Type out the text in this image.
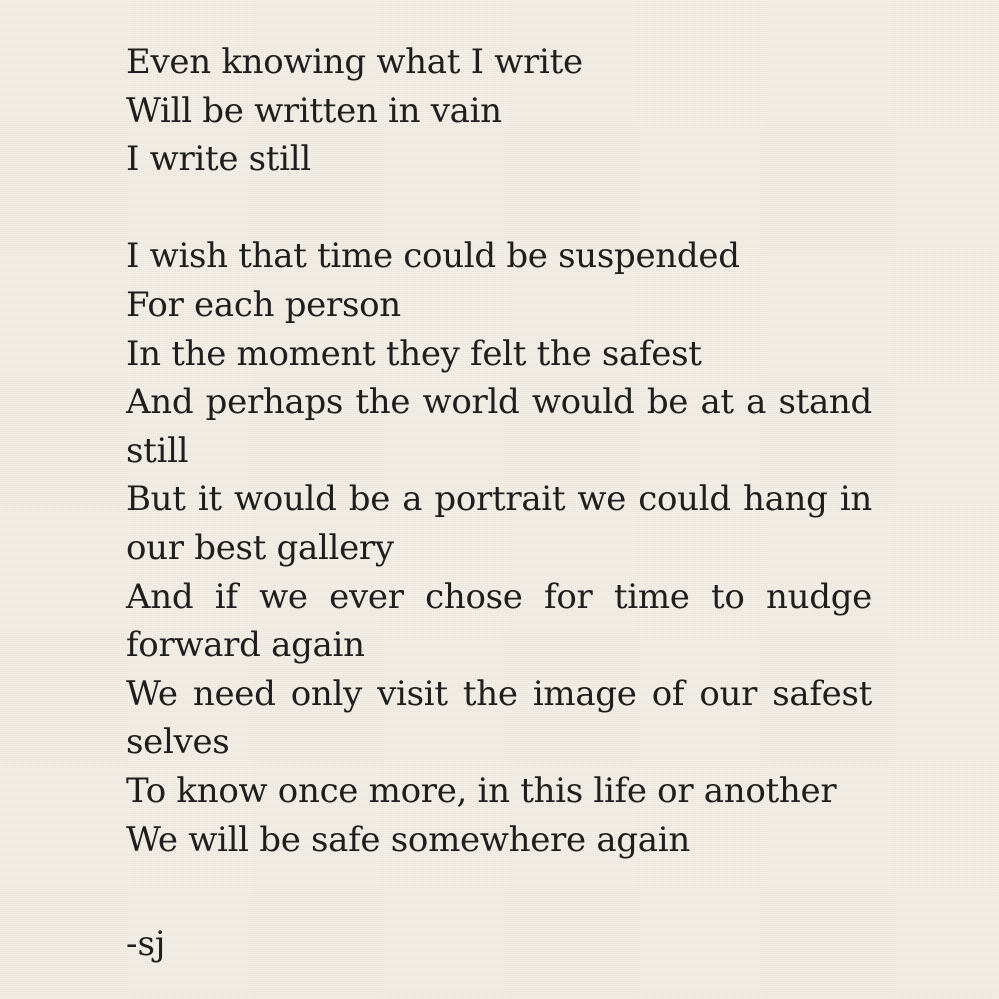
Even knowing what I write
Will be written in vain
I write still
I wish that time could be suspended
For each person
In the moment they felt the safest
And perhaps the world would be at a stand still
But it would be a portrait we could hang in our best gallery
And if we ever chose for time to nudge forward again
We need only visit the image of our safest selves
To know once more, in this life or another
We will be safe somewhere again
-sj
